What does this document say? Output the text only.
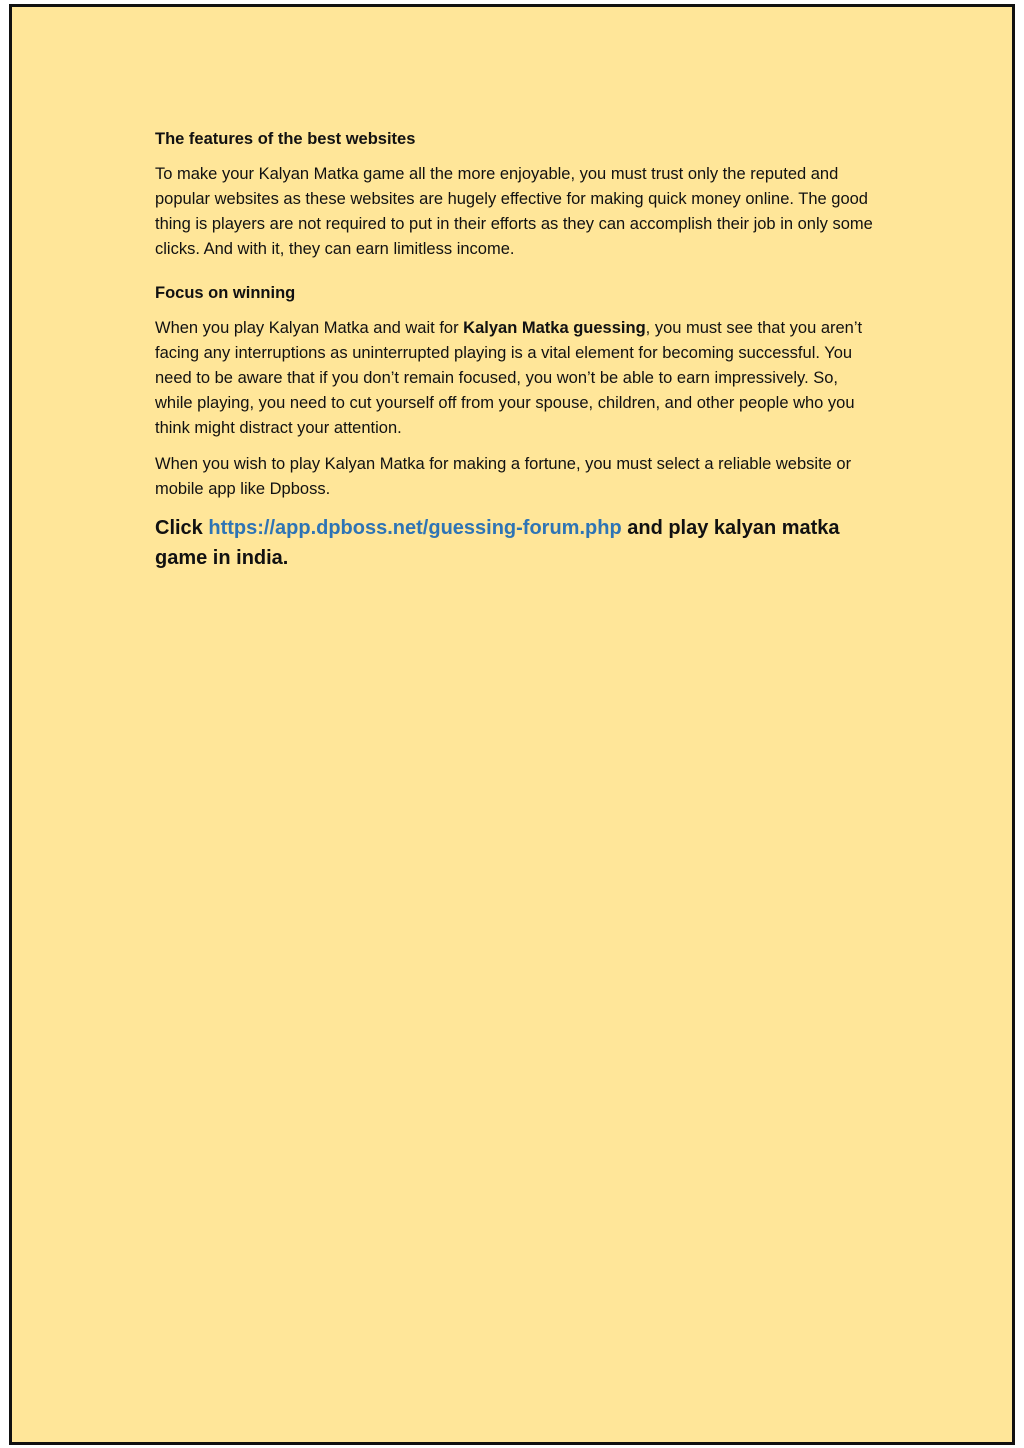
The features of the best websites

To make your Kalyan Matka game all the more enjoyable, you must trust only the reputed and popular websites as these websites are hugely effective for making quick money online. The good thing is players are not required to put in their efforts as they can accomplish their job in only some clicks. And with it, they can earn limitless income.

Focus on winning

When you play Kalyan Matka and wait for Kalyan Matka guessing, you must see that you aren’t facing any interruptions as uninterrupted playing is a vital element for becoming successful. You need to be aware that if you don’t remain focused, you won’t be able to earn impressively. So, while playing, you need to cut yourself off from your spouse, children, and other people who you think might distract your attention.

When you wish to play Kalyan Matka for making a fortune, you must select a reliable website or mobile app like Dpboss.

Click https://app.dpboss.net/guessing-forum.php and play kalyan matka game in india.
